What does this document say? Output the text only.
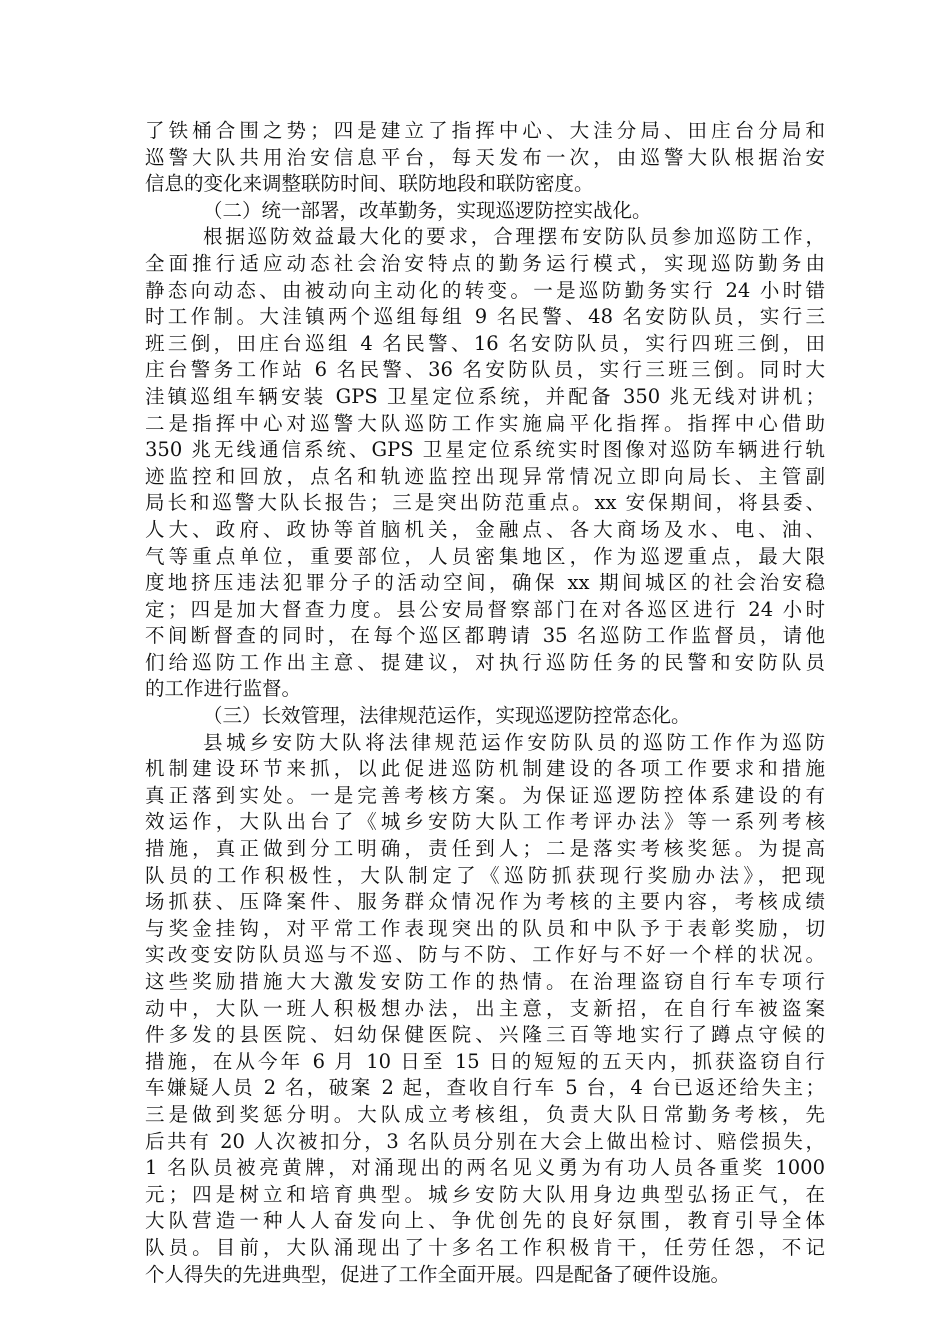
了铁桶合围之势；四是建立了指挥中心、大洼分局、田庄台分局和
巡警大队共用治安信息平台，每天发布一次，由巡警大队根据治安
信息的变化来调整联防时间、联防地段和联防密度。
（二）统一部署，改革勤务，实现巡逻防控实战化。
根据巡防效益最大化的要求，合理摆布安防队员参加巡防工作，
全面推行适应动态社会治安特点的勤务运行模式，实现巡防勤务由
静态向动态、由被动向主动化的转变。一是巡防勤务实行 24 小时错
时工作制。大洼镇两个巡组每组 9 名民警、48 名安防队员，实行三
班三倒，田庄台巡组 4 名民警、16 名安防队员，实行四班三倒，田
庄台警务工作站 6 名民警、36 名安防队员，实行三班三倒。同时大
洼镇巡组车辆安装 GPS 卫星定位系统，并配备 350 兆无线对讲机；
二是指挥中心对巡警大队巡防工作实施扁平化指挥。指挥中心借助
350 兆无线通信系统、GPS 卫星定位系统实时图像对巡防车辆进行轨
迹监控和回放，点名和轨迹监控出现异常情况立即向局长、主管副
局长和巡警大队长报告；三是突出防范重点。xx 安保期间，将县委、
人大、政府、政协等首脑机关，金融点、各大商场及水、电、油、
气等重点单位，重要部位，人员密集地区，作为巡逻重点，最大限
度地挤压违法犯罪分子的活动空间，确保 xx 期间城区的社会治安稳
定；四是加大督查力度。县公安局督察部门在对各巡区进行 24 小时
不间断督查的同时，在每个巡区都聘请 35 名巡防工作监督员，请他
们给巡防工作出主意、提建议，对执行巡防任务的民警和安防队员
的工作进行监督。
（三）长效管理，法律规范运作，实现巡逻防控常态化。
县城乡安防大队将法律规范运作安防队员的巡防工作作为巡防
机制建设环节来抓，以此促进巡防机制建设的各项工作要求和措施
真正落到实处。一是完善考核方案。为保证巡逻防控体系建设的有
效运作，大队出台了《城乡安防大队工作考评办法》等一系列考核
措施，真正做到分工明确，责任到人；二是落实考核奖惩。为提高
队员的工作积极性，大队制定了《巡防抓获现行奖励办法》，把现
场抓获、压降案件、服务群众情况作为考核的主要内容，考核成绩
与奖金挂钩，对平常工作表现突出的队员和中队予于表彰奖励，切
实改变安防队员巡与不巡、防与不防、工作好与不好一个样的状况。
这些奖励措施大大激发安防工作的热情。在治理盗窃自行车专项行
动中，大队一班人积极想办法，出主意，支新招，在自行车被盗案
件多发的县医院、妇幼保健医院、兴隆三百等地实行了蹲点守候的
措施，在从今年 6 月 10 日至 15 日的短短的五天内，抓获盗窃自行
车嫌疑人员 2 名，破案 2 起，查收自行车 5 台，4 台已返还给失主；
三是做到奖惩分明。大队成立考核组，负责大队日常勤务考核，先
后共有 20 人次被扣分，3 名队员分别在大会上做出检讨、赔偿损失，
1 名队员被亮黄牌，对涌现出的两名见义勇为有功人员各重奖 1000
元；四是树立和培育典型。城乡安防大队用身边典型弘扬正气，在
大队营造一种人人奋发向上、争优创先的良好氛围，教育引导全体
队员。目前，大队涌现出了十多名工作积极肯干，任劳任怨，不记
个人得失的先进典型，促进了工作全面开展。四是配备了硬件设施。
